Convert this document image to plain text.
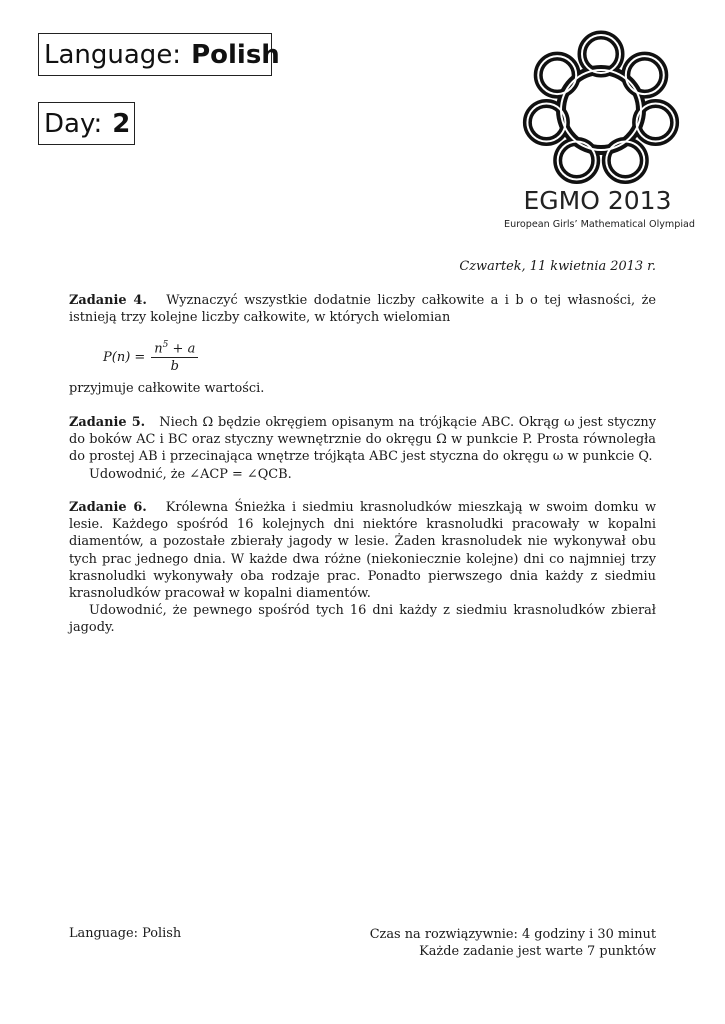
Language: Polish
Day: 2
EGMO 2013
European Girls’ Mathematical Olympiad
Czwartek, 11 kwietnia 2013 r.

Zadanie 4. Wyznaczyć wszystkie dodatnie liczby całkowite a i b o tej własności, że istnieją trzy kolejne liczby całkowite, w których wielomian

$P(n) = \frac{n^5 + a}{b}$

przyjmuje całkowite wartości.

Zadanie 5. Niech Ω będzie okręgiem opisanym na trójkącie ABC. Okrąg ω jest styczny do boków AC i BC oraz styczny wewnętrznie do okręgu Ω w punkcie P. Prosta równoległa do prostej AB i przecinająca wnętrze trójkąta ABC jest styczna do okręgu ω w punkcie Q.

Udowodnić, że ∠ACP = ∠QCB.

Zadanie 6. Królewna Śnieżka i siedmiu krasnoludków mieszkają w swoim domku w lesie. Każdego spośród 16 kolejnych dni niektóre krasnoludki pracowały w kopalni diamentów, a pozostałe zbierały jagody w lesie. Żaden krasnoludek nie wykonywał obu tych prac jednego dnia. W każde dwa różne (niekoniecznie kolejne) dni co najmniej trzy krasnoludki wykonywały oba rodzaje prac. Ponadto pierwszego dnia każdy z siedmiu krasnoludków pracował w kopalni diamentów.

Udowodnić, że pewnego spośród tych 16 dni każdy z siedmiu krasnoludków zbierał jagody.

Language: Polish	Czas na rozwiązywnie: 4 godziny i 30 minut
Każde zadanie jest warte 7 punktów
